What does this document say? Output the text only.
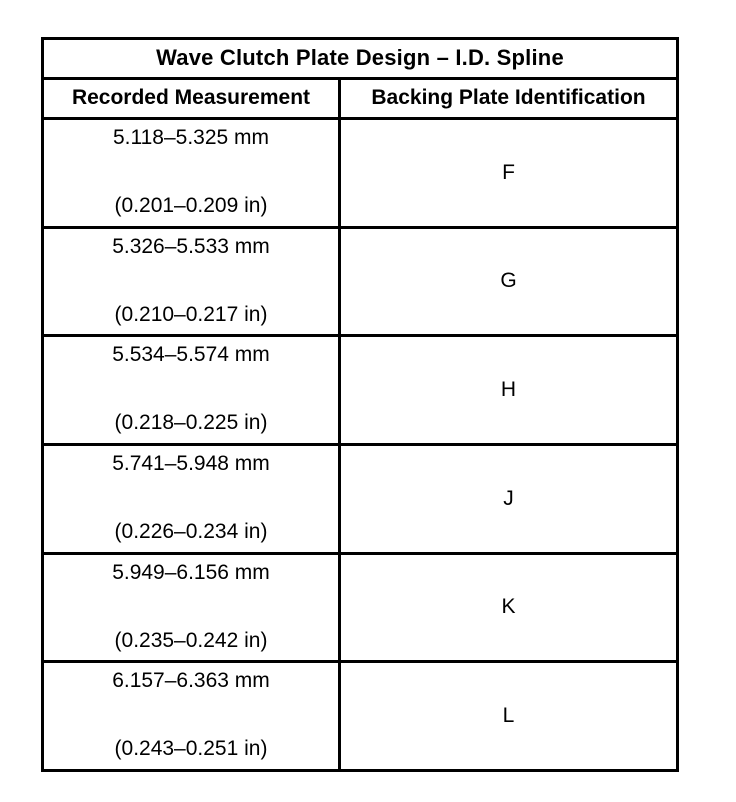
Wave Clutch Plate Design – I.D. Spline	
Recorded Measurement	Backing Plate Identification

5.118–5.325 mm
(0.201–0.209 in)	F

5.326–5.533 mm
(0.210–0.217 in)	G

5.534–5.574 mm
(0.218–0.225 in)	H

5.741–5.948 mm
(0.226–0.234 in)	J

5.949–6.156 mm
(0.235–0.242 in)	K

6.157–6.363 mm
(0.243–0.251 in)	L
